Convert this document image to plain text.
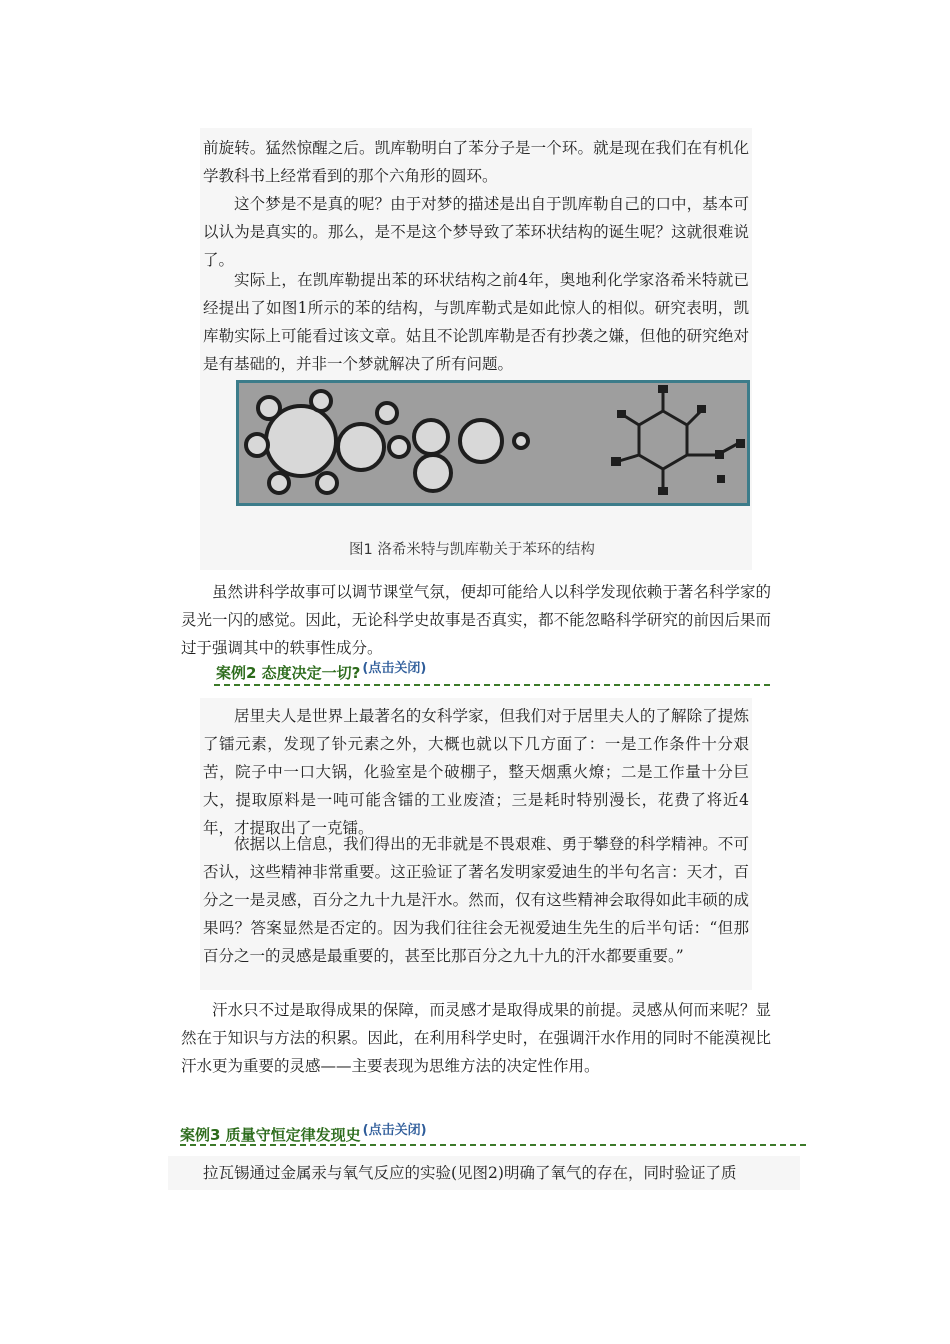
前旋转。猛然惊醒之后。凯库勒明白了苯分子是一个环。就是现在我们在有机化学教科书上经常看到的那个六角形的圆环。

这个梦是不是真的呢？由于对梦的描述是出自于凯库勒自己的口中，基本可以认为是真实的。那么，是不是这个梦导致了苯环状结构的诞生呢？这就很难说了。

实际上，在凯库勒提出苯的环状结构之前4年，奥地利化学家洛希米特就已经提出了如图1所示的苯的结构，与凯库勒式是如此惊人的相似。研究表明，凯库勒实际上可能看过该文章。姑且不论凯库勒是否有抄袭之嫌，但他的研究绝对是有基础的，并非一个梦就解决了所有问题。

图1 洛希米特与凯库勒关于苯环的结构

虽然讲科学故事可以调节课堂气氛，便却可能给人以科学发现依赖于著名科学家的灵光一闪的感觉。因此，无论科学史故事是否真实，都不能忽略科学研究的前因后果而过于强调其中的轶事性成分。

案例2 态度决定一切? (点击关闭)

居里夫人是世界上最著名的女科学家，但我们对于居里夫人的了解除了提炼了镭元素，发现了钋元素之外，大概也就以下几方面了：一是工作条件十分艰苦，院子中一口大锅，化验室是个破棚子，整天烟熏火燎；二是工作量十分巨大，提取原料是一吨可能含镭的工业废渣；三是耗时特别漫长，花费了将近4年，才提取出了一克镭。

依据以上信息，我们得出的无非就是不畏艰难、勇于攀登的科学精神。不可否认，这些精神非常重要。这正验证了著名发明家爱迪生的半句名言：天才，百分之一是灵感，百分之九十九是汗水。然而，仅有这些精神会取得如此丰硕的成果吗？答案显然是否定的。因为我们往往会无视爱迪生先生的后半句话：“但那百分之一的灵感是最重要的，甚至比那百分之九十九的汗水都要重要。”

汗水只不过是取得成果的保障，而灵感才是取得成果的前提。灵感从何而来呢？显然在于知识与方法的积累。因此，在利用科学史时，在强调汗水作用的同时不能漠视比汗水更为重要的灵感——主要表现为思维方法的决定性作用。

案例3 质量守恒定律发现史 (点击关闭)

拉瓦锡通过金属汞与氧气反应的实验(见图2)明确了氧气的存在，同时验证了质
